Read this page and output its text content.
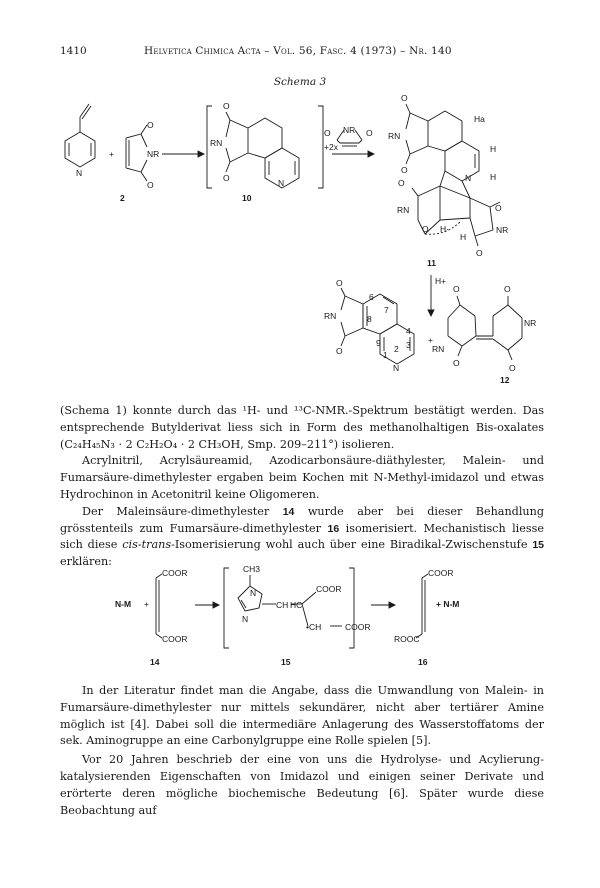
1410	Helvetica Chimica Acta – Vol. 56, Fasc. 4 (1973) – Nr. 140
Schema 3
N
+
O
NR
O
2
O
RN
O	N
10
O NR O
+2x
O
RN
O
Ha
H
H
N
O
RN
O H·
H
O
NR
O
11
H+
O
RN
O
N
6
7
8
4
3
2
1
9	+
O
RN
O
O
NR
O
12
N-M +
COOR
COOR
14
CH3
N
N
CH HC
COOR
•CH	COOR
15
COOR
ROOC
+ N-M
16

(Schema 1) konnte durch das ¹H- und ¹³C-NMR.-Spektrum bestätigt werden. Das entsprechende Butylderivat liess sich in Form des methanolhaltigen Bis-oxalates (C₂₄H₄₅N₃ · 2 C₂H₂O₄ · 2 CH₃OH, Smp. 209–211°) isolieren.

Acrylnitril, Acrylsäureamid, Azodicarbonsäure-diäthylester, Malein- und Fumarsäure-dimethylester ergaben beim Kochen mit N-Methyl-imidazol und etwas Hydrochinon in Acetonitril keine Oligomeren.

Der Maleinsäure-dimethylester 14 wurde aber bei dieser Behandlung grösstenteils zum Fumarsäure-dimethylester 16 isomerisiert. Mechanistisch liesse sich diese cis-trans-Isomerisierung wohl auch über eine Biradikal-Zwischenstufe 15 erklären:

In der Literatur findet man die Angabe, dass die Umwandlung von Malein- in Fumarsäure-dimethylester nur mittels sekundärer, nicht aber tertiärer Amine möglich ist [4]. Dabei soll die intermediäre Anlagerung des Wasserstoffatoms der sek. Aminogruppe an eine Carbonylgruppe eine Rolle spielen [5].

Vor 20 Jahren beschrieb der eine von uns die Hydrolyse- und Acylierung-katalysierenden Eigenschaften von Imidazol und einigen seiner Derivate und erörterte deren mögliche biochemische Bedeutung [6]. Später wurde diese Beobachtung auf
